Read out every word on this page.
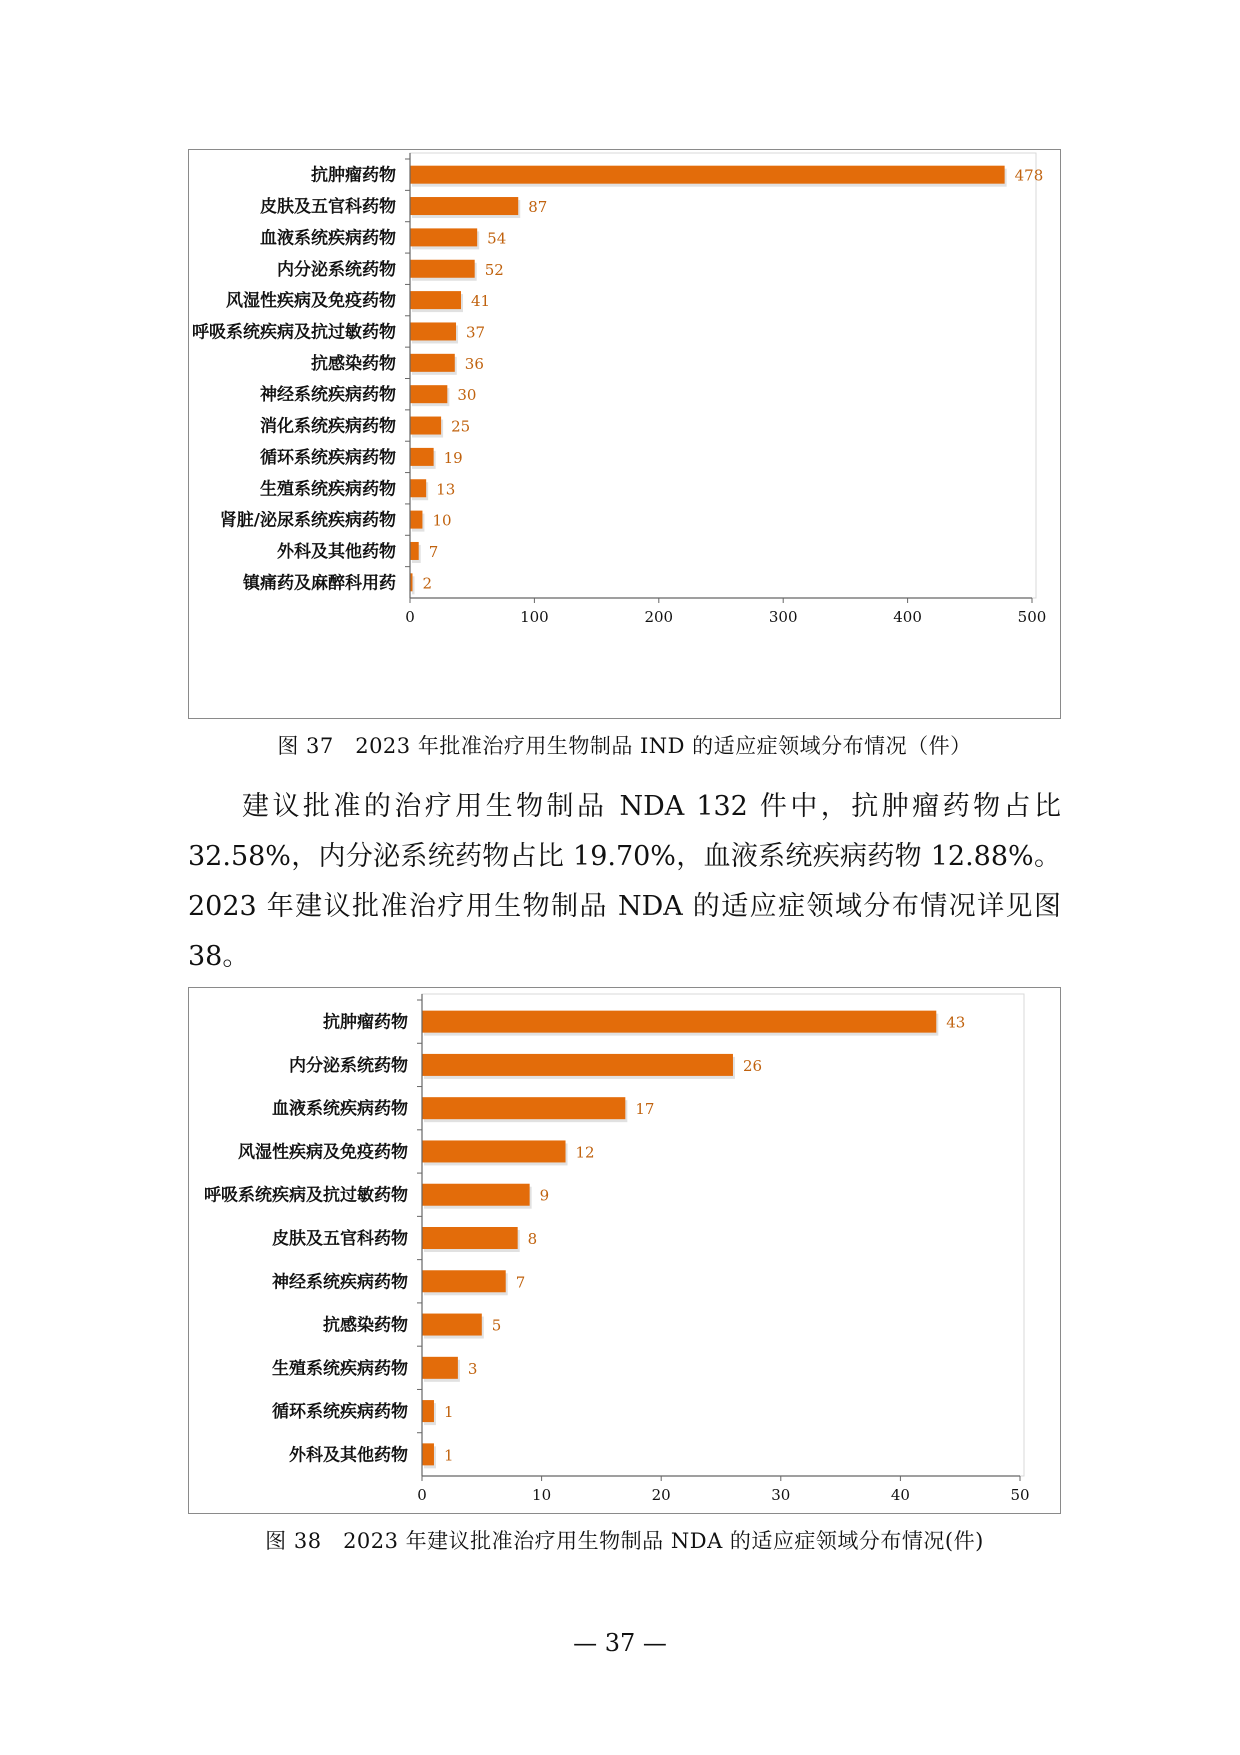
抗肿瘤药物	478
皮肤及五官科药物	87
血液系统疾病药物	54
内分泌系统药物	52
风湿性疾病及免疫药物	41
呼吸系统疾病及抗过敏药物	37
抗感染药物	36
神经系统疾病药物	30
消化系统疾病药物	25
循环系统疾病药物	19
生殖系统疾病药物	13
肾脏/泌尿系统疾病药物 10
外科及其他药物 7
镇痛药及麻醉科用药 2
0	100	200	300	400	500
图 37　2023 年批准治疗用生物制品 IND 的适应症领域分布情况（件）

建议批准的治疗用生物制品 NDA 132 件中，抗肿瘤药物占比 32.58%，内分泌系统药物占比 19.70%，血液系统疾病药物 12.88%。2023 年建议批准治疗用生物制品 NDA 的适应症领域分布情况详见图 38。

抗肿瘤药物	43
内分泌系统药物	26
血液系统疾病药物	17
风湿性疾病及免疫药物	12
呼吸系统疾病及抗过敏药物	9
皮肤及五官科药物	8
神经系统疾病药物	7
抗感染药物	5
生殖系统疾病药物	3
循环系统疾病药物 1
外科及其他药物 1
0	10	20	30	40	50
图 38　2023 年建议批准治疗用生物制品 NDA 的适应症领域分布情况(件)
— 37 —
